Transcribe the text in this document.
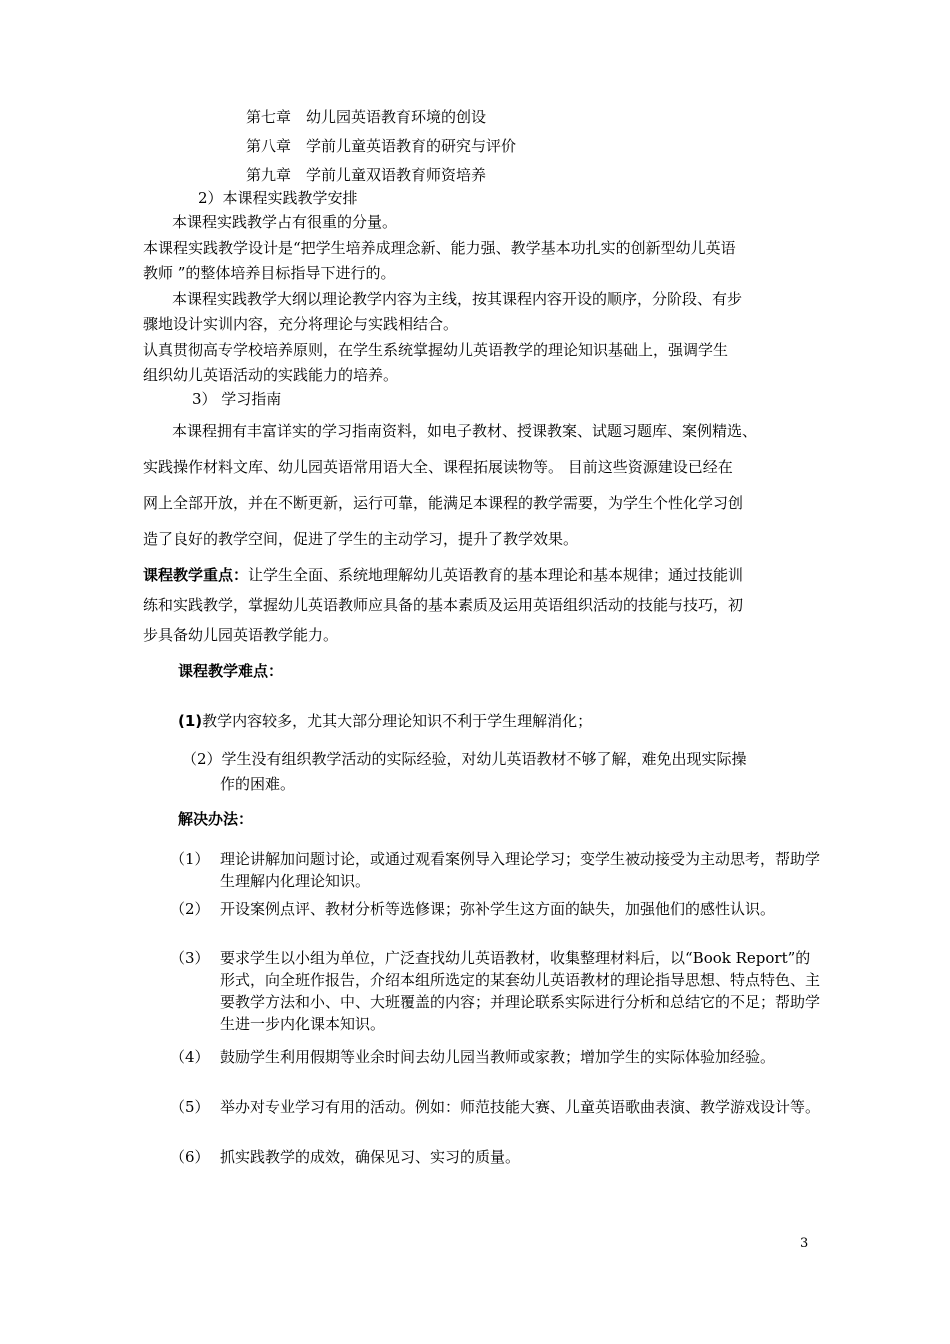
第七章　幼儿园英语教育环境的创设
第八章　学前儿童英语教育的研究与评价
第九章　学前儿童双语教育师资培养
2）本课程实践教学安排
本课程实践教学占有很重的分量。
本课程实践教学设计是“把学生培养成理念新、能力强、教学基本功扎实的创新型幼儿英语
教师 ”的整体培养目标指导下进行的。
本课程实践教学大纲以理论教学内容为主线，按其课程内容开设的顺序，分阶段、有步
骤地设计实训内容，充分将理论与实践相结合。
认真贯彻高专学校培养原则，在学生系统掌握幼儿英语教学的理论知识基础上，强调学生
组织幼儿英语活动的实践能力的培养。
3） 学习指南
本课程拥有丰富详实的学习指南资料，如电子教材、授课教案、试题习题库、案例精选、
实践操作材料文库、幼儿园英语常用语大全、课程拓展读物等。 目前这些资源建设已经在
网上全部开放，并在不断更新，运行可靠，能满足本课程的教学需要，为学生个性化学习创
造了良好的教学空间，促进了学生的主动学习，提升了教学效果。
课程教学重点：让学生全面、系统地理解幼儿英语教育的基本理论和基本规律；通过技能训
练和实践教学，掌握幼儿英语教师应具备的基本素质及运用英语组织活动的技能与技巧，初
步具备幼儿园英语教学能力。
课程教学难点：
(1)教学内容较多，尤其大部分理论知识不利于学生理解消化；
（2）学生没有组织教学活动的实际经验，对幼儿英语教材不够了解，难免出现实际操
作的困难。
解决办法：
（1） 理论讲解加问题讨论，或通过观看案例导入理论学习；变学生被动接受为主动思考，帮助学生理解内化理论知识。
（2） 开设案例点评、教材分析等选修课；弥补学生这方面的缺失，加强他们的感性认识。
（3） 要求学生以小组为单位，广泛查找幼儿英语教材，收集整理材料后，以“Book Report”的形式，向全班作报告，介绍本组所选定的某套幼儿英语教材的理论指导思想、特点特色、主要教学方法和小、中、大班覆盖的内容；并理论联系实际进行分析和总结它的不足；帮助学生进一步内化课本知识。
（4） 鼓励学生利用假期等业余时间去幼儿园当教师或家教；增加学生的实际体验加经验。
（5） 举办对专业学习有用的活动。例如：师范技能大赛、儿童英语歌曲表演、教学游戏设计等。
（6） 抓实践教学的成效，确保见习、实习的质量。
3
